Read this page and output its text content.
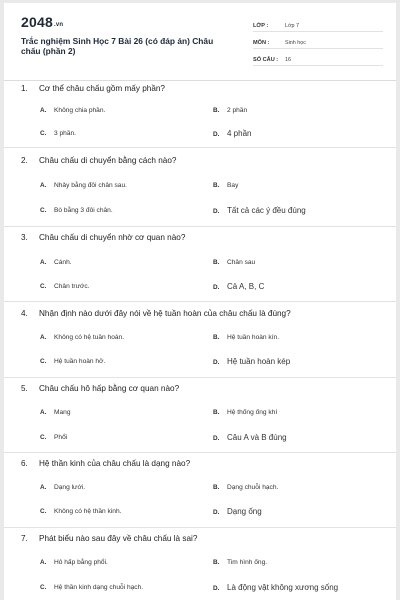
2048.vn
Trắc nghiệm Sinh Học 7 Bài 26 (có đáp án) Châu chấu (phần 2)
LỚP :	Lớp 7
MÔN :	Sinh học
SỐ CÂU :	16
1. Cơ thể châu chấu gồm mấy phần?
A. Không chia phần.	B. 2 phần
C. 3 phần.	D. 4 phần
2. Châu chấu di chuyển bằng cách nào?
A. Nhảy bằng đôi chân sau.	B. Bay
C. Bò bằng 3 đôi chân.	D. Tất cả các ý đều đúng
3. Châu chấu di chuyển nhờ cơ quan nào?
A. Cánh.	B. Chân sau
C. Chân trước.	D. Cả A, B, C
4. Nhận định nào dưới đây nói về hệ tuần hoàn của châu chấu là đúng?
A. Không có hệ tuần hoàn.	B. Hệ tuần hoàn kín.
C. Hệ tuần hoàn hở.	D. Hệ tuần hoàn kép
5. Châu chấu hô hấp bằng cơ quan nào?
A. Mang	B. Hệ thống ống khí
C. Phổi	D. Câu A và B đúng
6. Hệ thần kinh của châu chấu là dạng nào?
A. Dạng lưới.	B. Dạng chuỗi hạch.
C. Không có hệ thần kinh.	D. Dạng ống
7. Phát biểu nào sau đây về châu chấu là sai?
A. Hô hấp bằng phổi.	B. Tim hình ống.
C. Hệ thần kinh dạng chuỗi hạch.	D. Là động vật không xương sống
